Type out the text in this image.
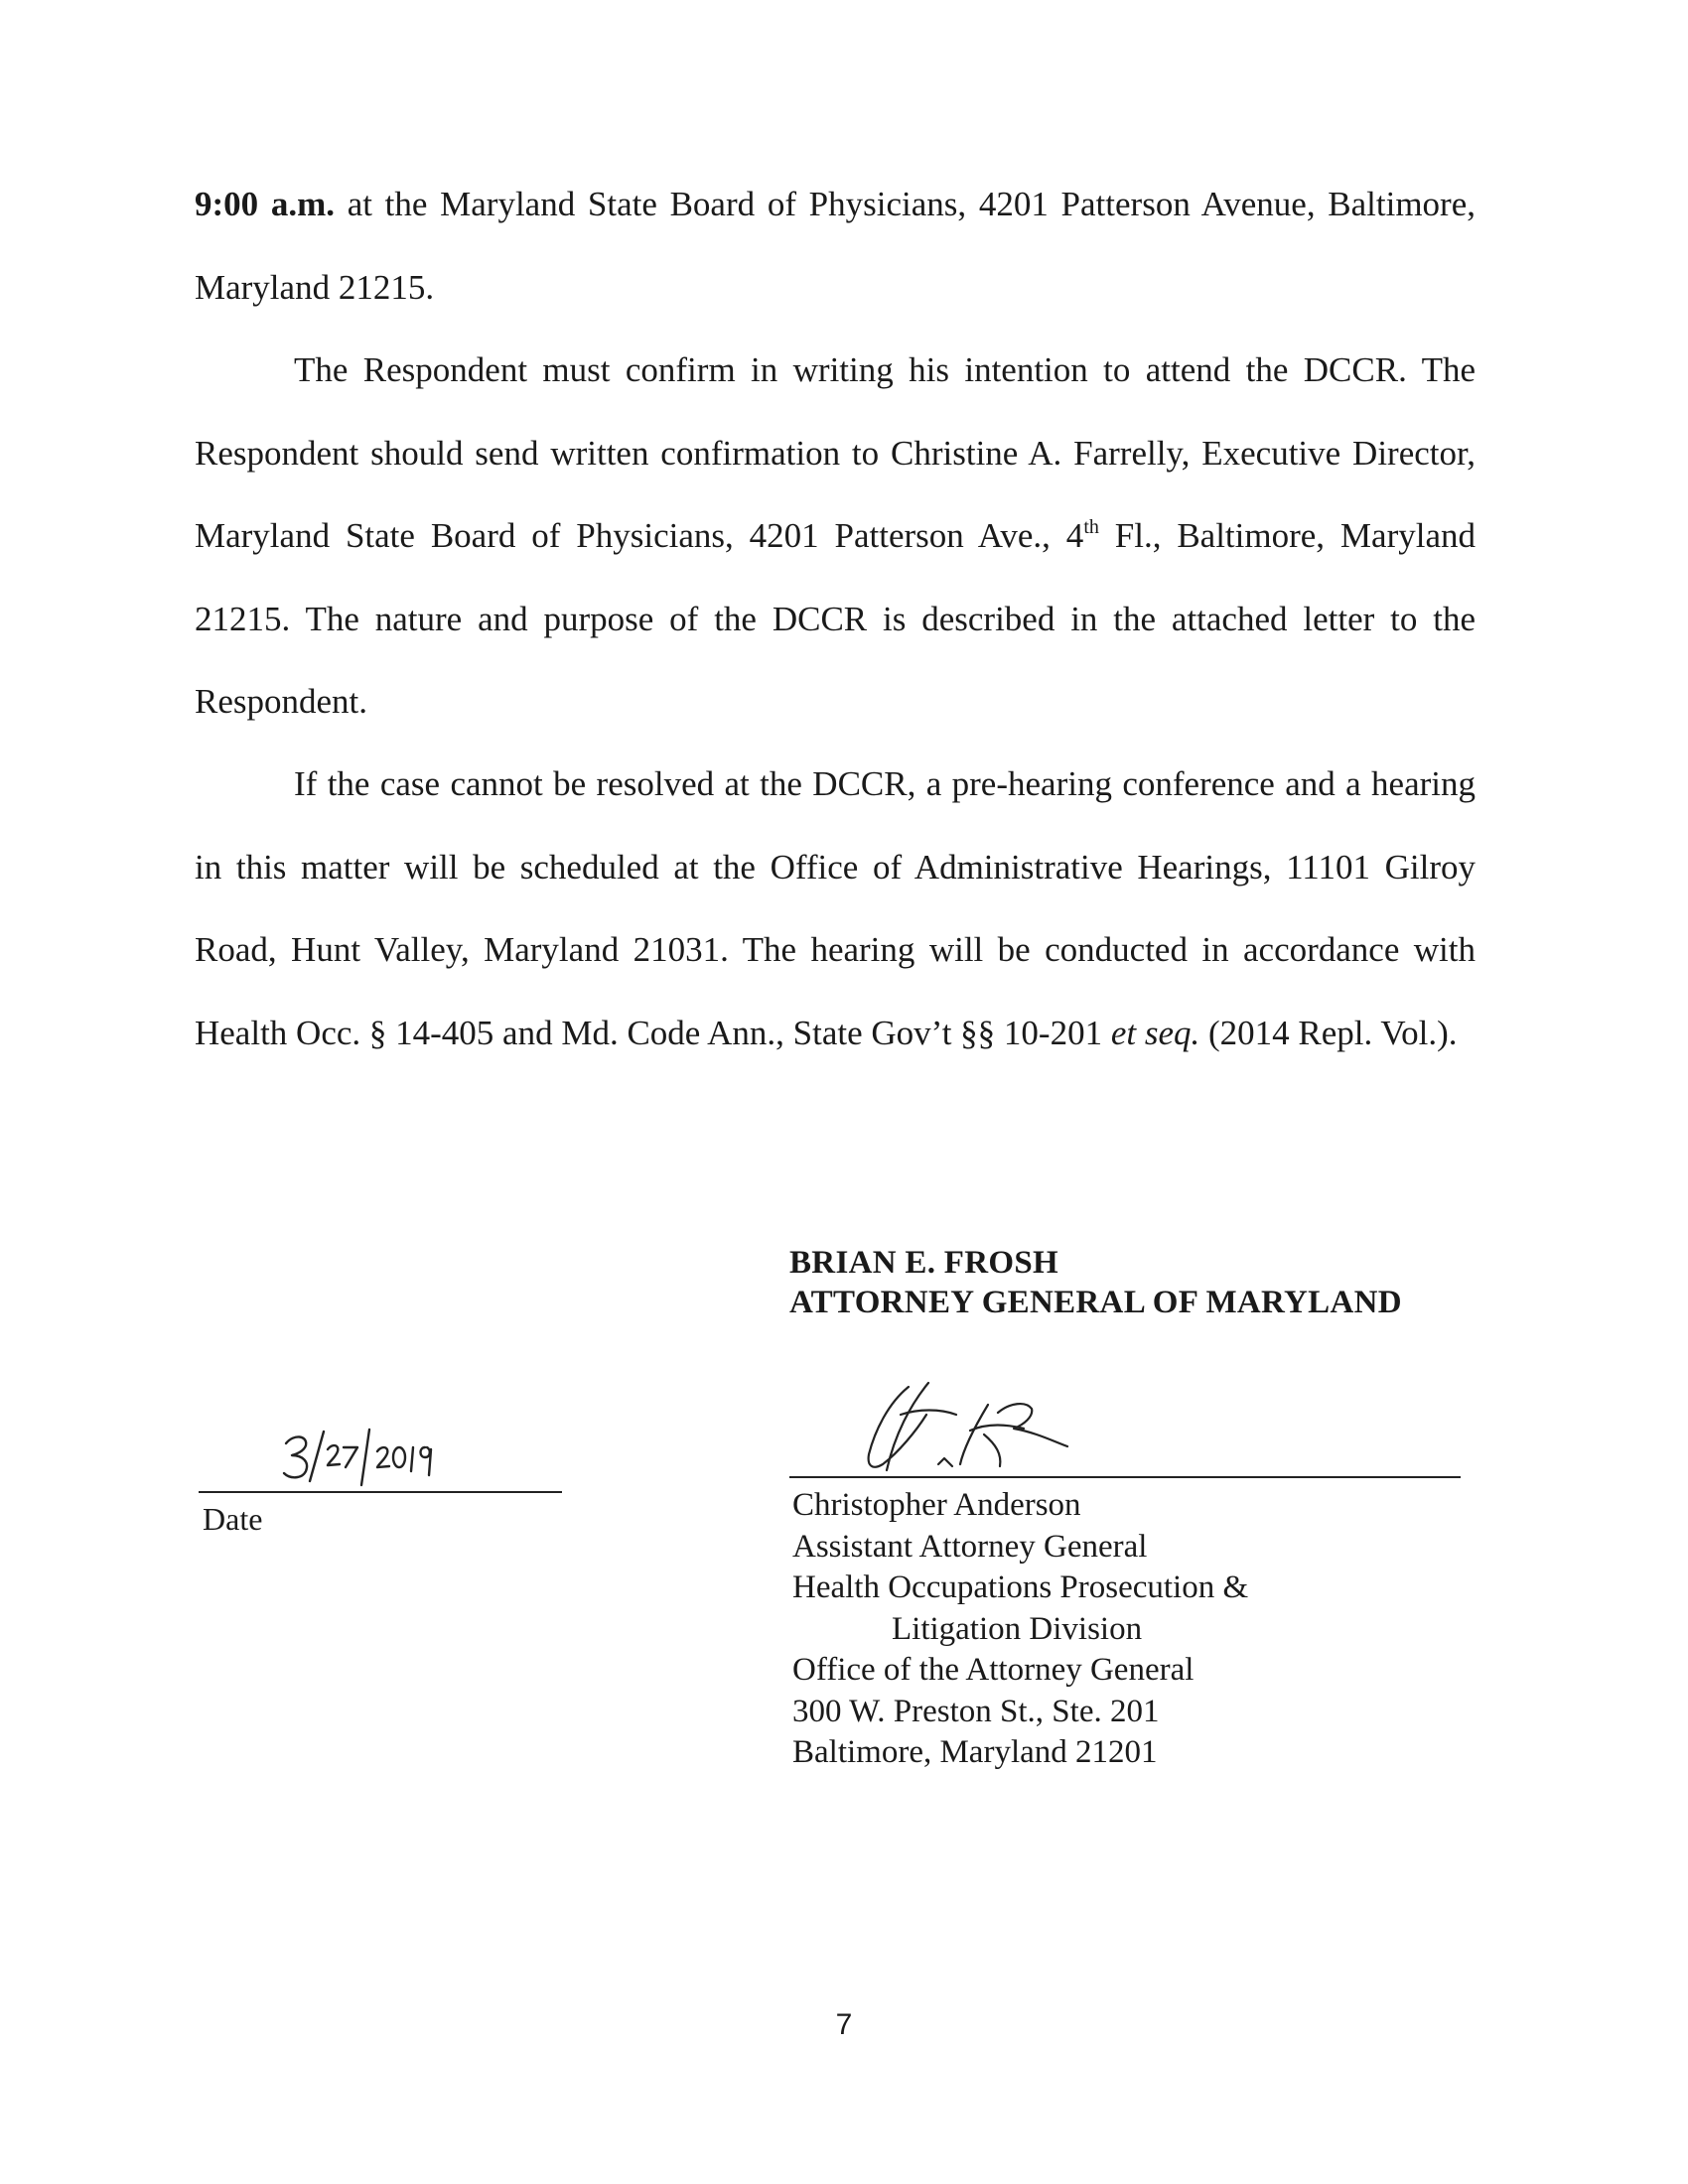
9:00 a.m. at the Maryland State Board of Physicians, 4201 Patterson Avenue, Baltimore, Maryland 21215.
The Respondent must confirm in writing his intention to attend the DCCR. The Respondent should send written confirmation to Christine A. Farrelly, Executive Director, Maryland State Board of Physicians, 4201 Patterson Ave., 4th Fl., Baltimore, Maryland 21215. The nature and purpose of the DCCR is described in the attached letter to the Respondent.
If the case cannot be resolved at the DCCR, a pre-hearing conference and a hearing in this matter will be scheduled at the Office of Administrative Hearings, 11101 Gilroy Road, Hunt Valley, Maryland 21031. The hearing will be conducted in accordance with Health Occ. § 14-405 and Md. Code Ann., State Gov’t §§ 10-201 et seq. (2014 Repl. Vol.).

BRIAN E. FROSH

ATTORNEY GENERAL OF MARYLAND

Date	Christopher Anderson
Assistant Attorney General
Health Occupations Prosecution &
Litigation Division
Office of the Attorney General
300 W. Preston St., Ste. 201
Baltimore, Maryland 21201
7
